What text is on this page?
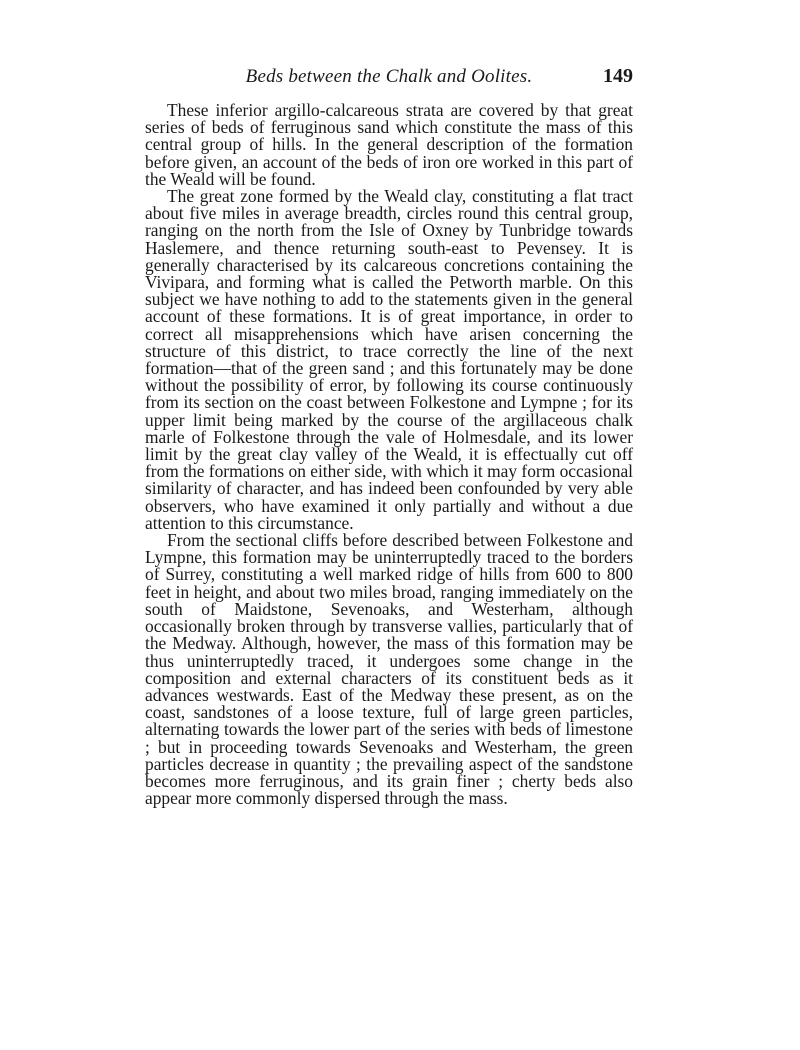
Beds between the Chalk and Oolites.	149

These inferior argillo-calcareous strata are covered by that great series of beds of ferruginous sand which constitute the mass of this central group of hills. In the general description of the formation before given, an account of the beds of iron ore worked in this part of the Weald will be found.

The great zone formed by the Weald clay, constituting a flat tract about five miles in average breadth, circles round this central group, ranging on the north from the Isle of Oxney by Tunbridge towards Haslemere, and thence returning south-east to Pevensey. It is generally characterised by its calcareous concretions containing the Vivipara, and forming what is called the Petworth marble. On this subject we have nothing to add to the statements given in the general account of these formations. It is of great importance, in order to correct all misapprehensions which have arisen concerning the structure of this district, to trace correctly the line of the next formation—that of the green sand ; and this fortunately may be done without the possibility of error, by following its course continuously from its section on the coast between Folkestone and Lympne ; for its upper limit being marked by the course of the argillaceous chalk marle of Folkestone through the vale of Holmesdale, and its lower limit by the great clay valley of the Weald, it is effectually cut off from the formations on either side, with which it may form occasional similarity of character, and has indeed been confounded by very able observers, who have examined it only partially and without a due attention to this circumstance.

From the sectional cliffs before described between Folkestone and Lympne, this formation may be uninterruptedly traced to the borders of Surrey, constituting a well marked ridge of hills from 600 to 800 feet in height, and about two miles broad, ranging immediately on the south of Maidstone, Sevenoaks, and Westerham, although occasionally broken through by transverse vallies, particularly that of the Medway. Although, however, the mass of this formation may be thus uninterruptedly traced, it undergoes some change in the composition and external characters of its constituent beds as it advances westwards. East of the Medway these present, as on the coast, sandstones of a loose texture, full of large green particles, alternating towards the lower part of the series with beds of limestone ; but in proceeding towards Sevenoaks and Westerham, the green particles decrease in quantity ; the prevailing aspect of the sandstone becomes more ferruginous, and its grain finer ; cherty beds also appear more commonly dispersed through the mass.
